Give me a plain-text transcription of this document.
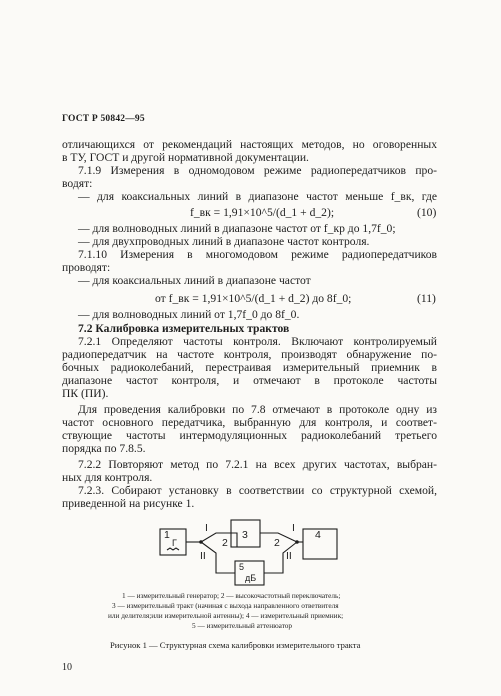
ГОСТ Р 50842—95
отличающихся от рекомендаций настоящих методов, но оговоренных
в ТУ, ГОСТ и другой нормативной документации.
7.1.9 Измерения в одномодовом режиме радиопередатчиков про-
водят:
— для коаксиальных линий в диапазоне частот меньше f_вк, где
f_вк = 1,91×10^5/(d_1 + d_2);	(10)
— для волноводных линий в диапазоне частот от f_кр до 1,7f_0;
— для двухпроводных линий в диапазоне частот контроля.
7.1.10 Измерения в многомодовом режиме радиопередатчиков
проводят:
— для коаксиальных линий в диапазоне частот
от f_вк = 1,91×10^5/(d_1 + d_2) до 8f_0;	(11)
— для волноводных линий от 1,7f_0 до 8f_0.
7.2 Калибровка измерительных трактов
7.2.1 Определяют частоты контроля. Включают контролируемый
радиопередатчик на частоте контроля, производят обнаружение по-
бочных радиоколебаний, перестраивая измерительный приемник в
диапазоне частот контроля, и отмечают в протоколе частоты
ПК (ПИ).
Для проведения калибровки по 7.8 отмечают в протоколе одну из
частот основного передатчика, выбранную для контроля, и соответ-
ствующие частоты интермодуляционных радиоколебаний третьего
порядка по 7.8.5.
7.2.2 Повторяют метод по 7.2.1 на всех других частотах, выбран-
ных для контроля.
7.2.3. Собирают установку в соответствии со структурной схемой,
приведенной на рисунке 1.
1
Г
3	4
5
дБ
2	2
I
II
I
II
1 — измерительный генератор; 2 — высокочастотный переключатель;
3 — измерительный тракт (начиная с выхода направленного ответвителя
или делителя;или измерительной антенны); 4 — измерительный приемник;
5 — измерительный аттенюатор
Рисунок 1 — Структурная схема калибровки измерительного тракта
10
